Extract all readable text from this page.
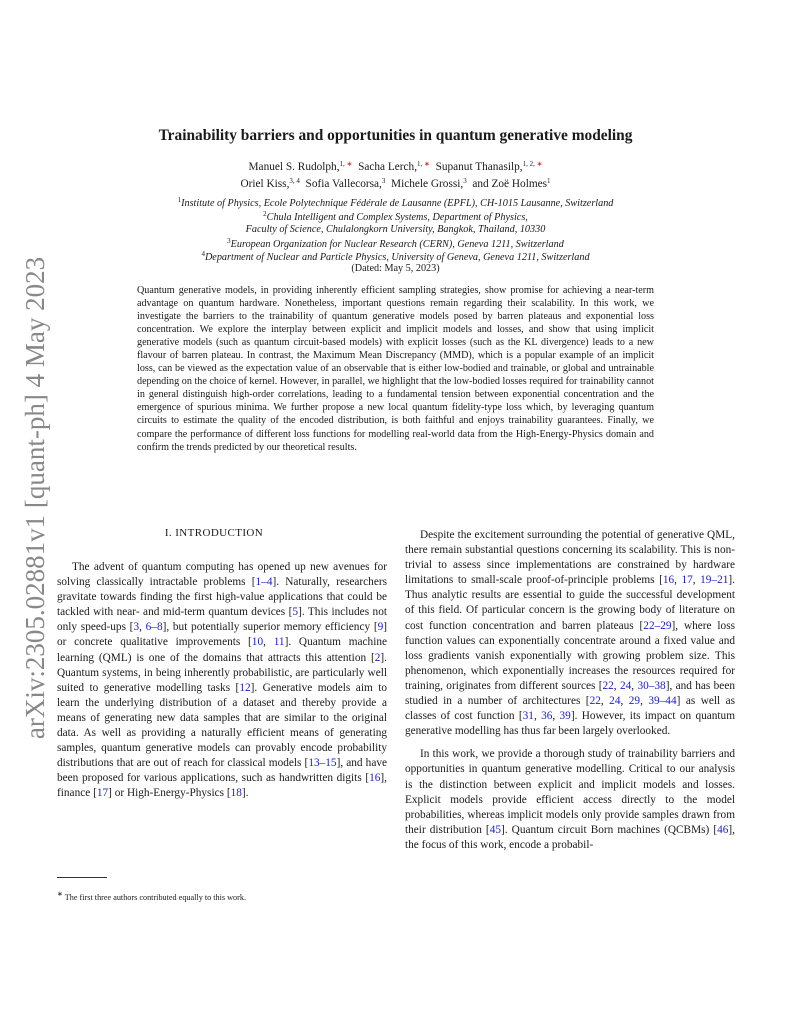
arXiv:2305.02881v1 [quant-ph] 4 May 2023
Trainability barriers and opportunities in quantum generative modeling
Manuel S. Rudolph,$^{1, ∗}$ Sacha Lerch,$^{1, ∗}$ Supanut Thanasilp,$^{1, 2, ∗}$
Oriel Kiss,$^{3, 4}$ Sofia Vallecorsa,$^3$ Michele Grossi,$^3$ and Zoë Holmes$^1$
$^1$Institute of Physics, Ecole Polytechnique Fédérale de Lausanne (EPFL), CH-1015 Lausanne, Switzerland
$^2$Chula Intelligent and Complex Systems, Department of Physics,
Faculty of Science, Chulalongkorn University, Bangkok, Thailand, 10330
$^3$European Organization for Nuclear Research (CERN), Geneva 1211, Switzerland
$^4$Department of Nuclear and Particle Physics, University of Geneva, Geneva 1211, Switzerland
(Dated: May 5, 2023)
Quantum generative models, in providing inherently efficient sampling strategies, show promise for achieving a near-term advantage on quantum hardware. Nonetheless, important questions remain regarding their scalability. In this work, we investigate the barriers to the trainability of quantum generative models posed by barren plateaus and exponential loss concentration. We explore the interplay between explicit and implicit models and losses, and show that using implicit generative models (such as quantum circuit-based models) with explicit losses (such as the KL divergence) leads to a new flavour of barren plateau. In contrast, the Maximum Mean Discrepancy (MMD), which is a popular example of an implicit loss, can be viewed as the expectation value of an observable that is either low-bodied and trainable, or global and untrainable depending on the choice of kernel. However, in parallel, we highlight that the low-bodied losses required for trainability cannot in general distinguish high-order correlations, leading to a fundamental tension between exponential concentration and the emergence of spurious minima. We further propose a new local quantum fidelity-type loss which, by leveraging quantum circuits to estimate the quality of the encoded distribution, is both faithful and enjoys trainability guarantees. Finally, we compare the performance of different loss functions for modelling real-world data from the High-Energy-Physics domain and confirm the trends predicted by our theoretical results.
I. INTRODUCTION

The advent of quantum computing has opened up new avenues for solving classically intractable problems [1–4]. Naturally, researchers gravitate towards finding the first high-value applications that could be tackled with near- and mid-term quantum devices [5]. This includes not only speed-ups [3, 6–8], but potentially superior memory efficiency [9] or concrete qualitative improvements [10, 11]. Quantum machine learning (QML) is one of the domains that attracts this attention [2]. Quantum systems, in being inherently probabilistic, are particularly well suited to generative modelling tasks [12]. Generative models aim to learn the underlying distribution of a dataset and thereby provide a means of generating new data samples that are similar to the original data. As well as providing a naturally efficient means of generating samples, quantum generative models can provably encode probability distributions that are out of reach for classical models [13–15], and have been proposed for various applications, such as handwritten digits [16], finance [17] or High-Energy-Physics [18].

Despite the excitement surrounding the potential of generative QML, there remain substantial questions concerning its scalability. This is non-trivial to assess since implementations are constrained by hardware limitations to small-scale proof-of-principle problems [16, 17, 19–21]. Thus analytic results are essential to guide the successful development of this field. Of particular concern is the growing body of literature on cost function concentration and barren plateaus [22–29], where loss function values can exponentially concentrate around a fixed value and loss gradients vanish exponentially with growing problem size. This phenomenon, which exponentially increases the resources required for training, originates from different sources [22, 24, 30–38], and has been studied in a number of architectures [22, 24, 29, 39–44] as well as classes of cost function [31, 36, 39]. However, its impact on quantum generative modelling has thus far been largely overlooked.

In this work, we provide a thorough study of trainability barriers and opportunities in quantum generative modelling. Critical to our analysis is the distinction between explicit and implicit models and losses. Explicit models provide efficient access directly to the model probabilities, whereas implicit models only provide samples drawn from their distribution [45]. Quantum circuit Born machines (QCBMs) [46], the focus of this work, encode a probabil-

∗ The first three authors contributed equally to this work.
